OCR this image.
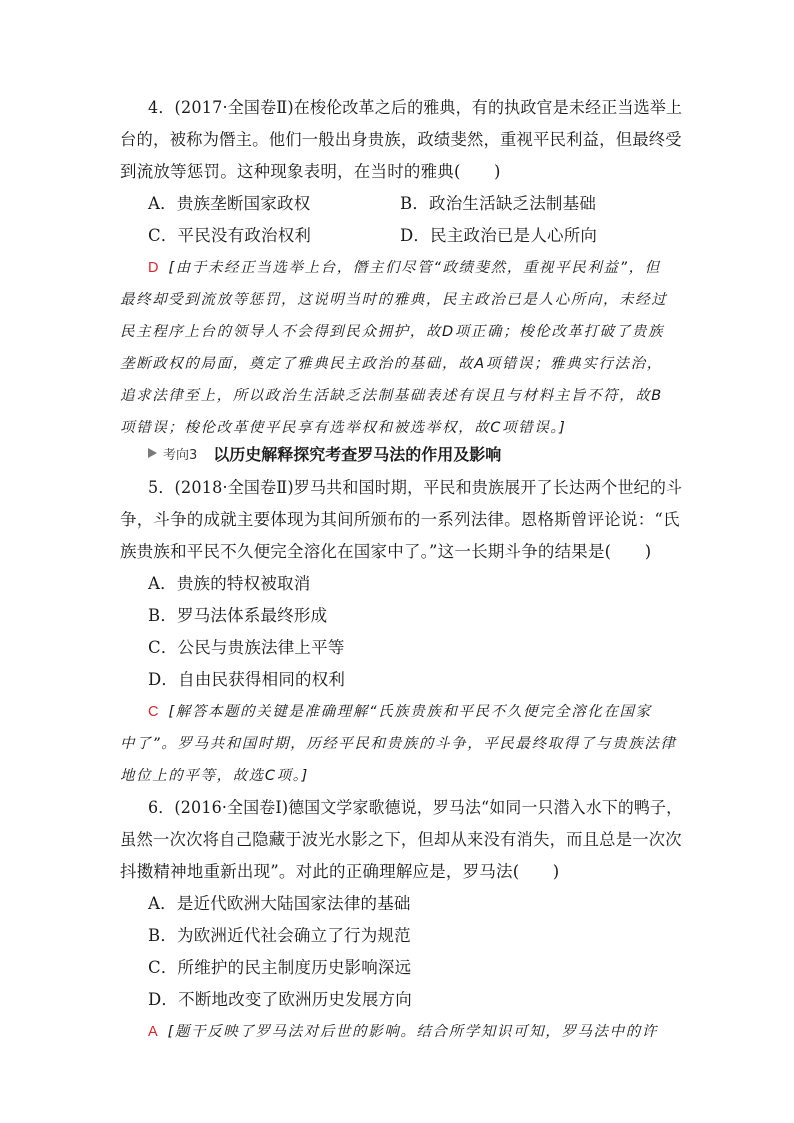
4．(2017·全国卷Ⅱ)在梭伦改革之后的雅典，有的执政官是未经正当选举上
台的，被称为僭主。他们一般出身贵族，政绩斐然，重视平民利益，但最终受
到流放等惩罚。这种现象表明，在当时的雅典(　　)
A．贵族垄断国家政权	B．政治生活缺乏法制基础
C．平民没有政治权利	D．民主政治已是人心所向
D [由于未经正当选举上台，僭主们尽管“政绩斐然，重视平民利益”，但
最终却受到流放等惩罚，这说明当时的雅典，民主政治已是人心所向，未经过
民主程序上台的领导人不会得到民众拥护，故D项正确；梭伦改革打破了贵族
垄断政权的局面，奠定了雅典民主政治的基础，故A项错误；雅典实行法治，
追求法律至上，所以政治生活缺乏法制基础表述有误且与材料主旨不符，故B
项错误；梭伦改革使平民享有选举权和被选举权，故C项错误。]
考向3 以历史解释探究考查罗马法的作用及影响
5．(2018·全国卷Ⅱ)罗马共和国时期，平民和贵族展开了长达两个世纪的斗
争，斗争的成就主要体现为其间所颁布的一系列法律。恩格斯曾评论说：“氏
族贵族和平民不久便完全溶化在国家中了。”这一长期斗争的结果是(　　)
A．贵族的特权被取消
B．罗马法体系最终形成
C．公民与贵族法律上平等
D．自由民获得相同的权利
C [解答本题的关键是准确理解“氏族贵族和平民不久便完全溶化在国家
中了”。罗马共和国时期，历经平民和贵族的斗争，平民最终取得了与贵族法律
地位上的平等，故选C项。]
6．(2016·全国卷Ⅰ)德国文学家歌德说，罗马法“如同一只潜入水下的鸭子，
虽然一次次将自己隐藏于波光水影之下，但却从来没有消失，而且总是一次次
抖擞精神地重新出现”。对此的正确理解应是，罗马法(　　)
A．是近代欧洲大陆国家法律的基础
B．为欧洲近代社会确立了行为规范
C．所维护的民主制度历史影响深远
D．不断地改变了欧洲历史发展方向
A [题干反映了罗马法对后世的影响。结合所学知识可知，罗马法中的许
